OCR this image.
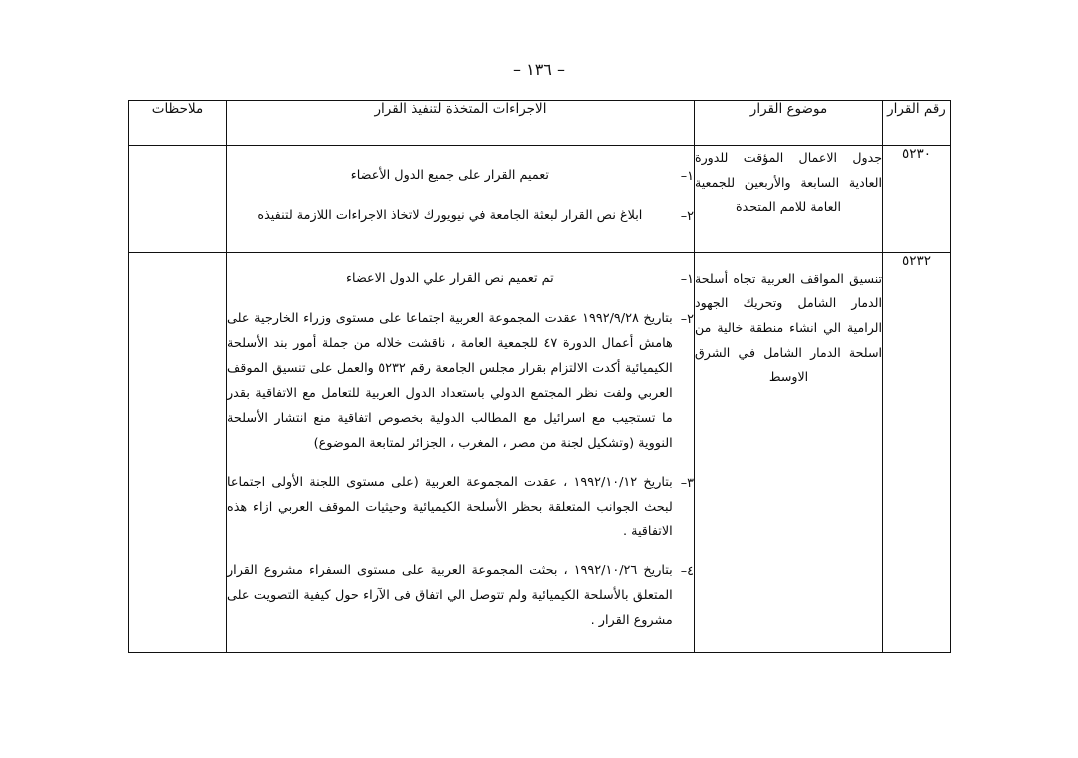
– ١٣٦ –
رقم القرار	موضوع القرار	الاجراءات المتخذة لتنفيذ القرار	ملاحظات
٥٢٣٠	جدول الاعمال المؤقت للدورة العادية السابعة والأربعين للجمعية العامة للامم المتحدة	١–
تعميم القرار على جميع الدول الأعضاء
٢–
ابلاغ نص القرار لبعثة الجامعة في نيويورك لاتخاذ الاجراءات اللازمة لتنفيذه	

٥٢٣٢	تنسيق المواقف العربية تجاه أسلحة الدمار الشامل وتحريك الجهود الرامية الي انشاء منطقة خالية من اسلحة الدمار الشامل في الشرق الاوسط	
١–
تم تعميم نص القرار علي الدول الاعضاء
٢–
بتاريخ ١٩٩٢/٩/٢٨ عقدت المجموعة العربية اجتماعا على مستوى وزراء الخارجية على هامش أعمال الدورة ٤٧ للجمعية العامة ، ناقشت خلاله من جملة أمور بند الأسلحة الكيميائية أكدت الالتزام بقرار مجلس الجامعة رقم ٥٢٣٢ والعمل على تنسيق الموقف العربي ولفت نظر المجتمع الدولي باستعداد الدول العربية للتعامل مع الاتفاقية بقدر ما تستجيب مع اسرائيل مع المطالب الدولية بخصوص اتفاقية منع انتشار الأسلحة النووية (وتشكيل لجنة من مصر ، المغرب ، الجزائر لمتابعة الموضوع)
٣–
بتاريخ ١٩٩٢/١٠/١٢ ، عقدت المجموعة العربية (على مستوى اللجنة الأولى اجتماعا لبحث الجوانب المتعلقة بحظر الأسلحة الكيميائية وحيثيات الموقف العربي ازاء هذه الاتفاقية .
٤–
بتاريخ ١٩٩٢/١٠/٢٦ ، بحثت المجموعة العربية على مستوى السفراء مشروع القرار المتعلق بالأسلحة الكيميائية ولم تتوصل الي اتفاق فى الآراء حول كيفية التصويت على مشروع القرار .
